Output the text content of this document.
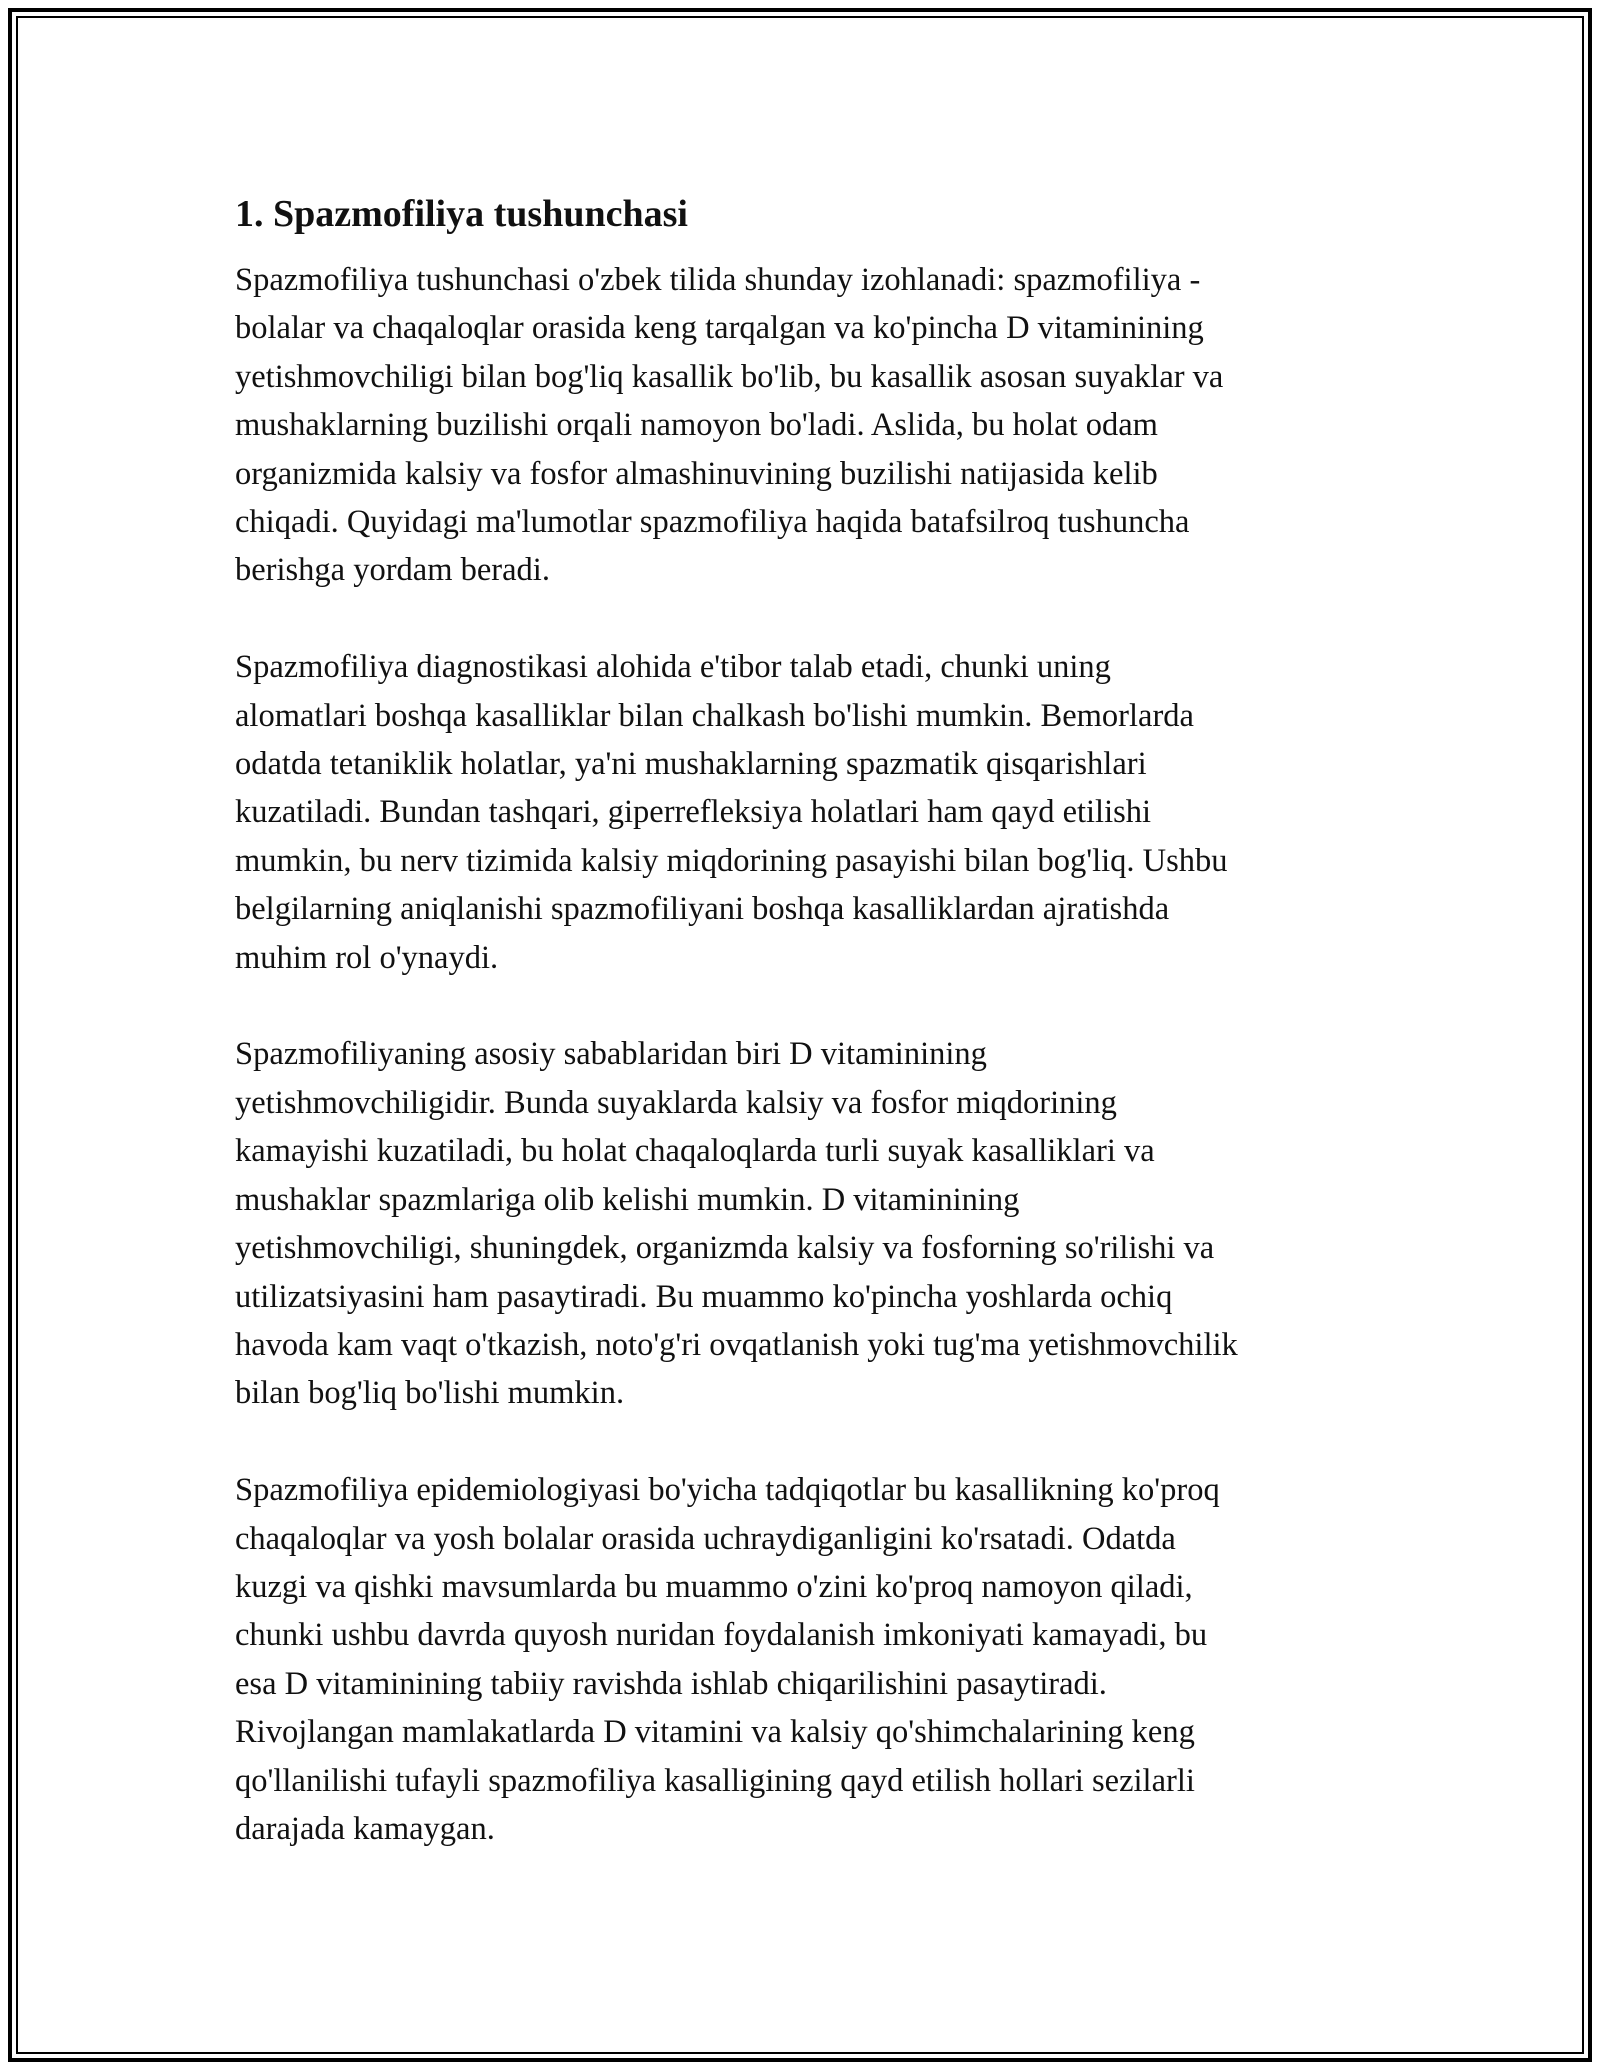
1. Spazmofiliya tushunchasi
Spazmofiliya tushunchasi o'zbek tilida shunday izohlanadi: spazmofiliya -
bolalar va chaqaloqlar orasida keng tarqalgan va ko'pincha D vitaminining
yetishmovchiligi bilan bog'liq kasallik bo'lib, bu kasallik asosan suyaklar va
mushaklarning buzilishi orqali namoyon bo'ladi. Aslida, bu holat odam
organizmida kalsiy va fosfor almashinuvining buzilishi natijasida kelib
chiqadi. Quyidagi ma'lumotlar spazmofiliya haqida batafsilroq tushuncha
berishga yordam beradi.
Spazmofiliya diagnostikasi alohida e'tibor talab etadi, chunki uning
alomatlari boshqa kasalliklar bilan chalkash bo'lishi mumkin. Bemorlarda
odatda tetaniklik holatlar, ya'ni mushaklarning spazmatik qisqarishlari
kuzatiladi. Bundan tashqari, giperrefleksiya holatlari ham qayd etilishi
mumkin, bu nerv tizimida kalsiy miqdorining pasayishi bilan bog'liq. Ushbu
belgilarning aniqlanishi spazmofiliyani boshqa kasalliklardan ajratishda
muhim rol o'ynaydi.
Spazmofiliyaning asosiy sabablaridan biri D vitaminining
yetishmovchiligidir. Bunda suyaklarda kalsiy va fosfor miqdorining
kamayishi kuzatiladi, bu holat chaqaloqlarda turli suyak kasalliklari va
mushaklar spazmlariga olib kelishi mumkin. D vitaminining
yetishmovchiligi, shuningdek, organizmda kalsiy va fosforning so'rilishi va
utilizatsiyasini ham pasaytiradi. Bu muammo ko'pincha yoshlarda ochiq
havoda kam vaqt o'tkazish, noto'g'ri ovqatlanish yoki tug'ma yetishmovchilik
bilan bog'liq bo'lishi mumkin.
Spazmofiliya epidemiologiyasi bo'yicha tadqiqotlar bu kasallikning ko'proq
chaqaloqlar va yosh bolalar orasida uchraydiganligini ko'rsatadi. Odatda
kuzgi va qishki mavsumlarda bu muammo o'zini ko'proq namoyon qiladi,
chunki ushbu davrda quyosh nuridan foydalanish imkoniyati kamayadi, bu
esa D vitaminining tabiiy ravishda ishlab chiqarilishini pasaytiradi.
Rivojlangan mamlakatlarda D vitamini va kalsiy qo'shimchalarining keng
qo'llanilishi tufayli spazmofiliya kasalligining qayd etilish hollari sezilarli
darajada kamaygan.
